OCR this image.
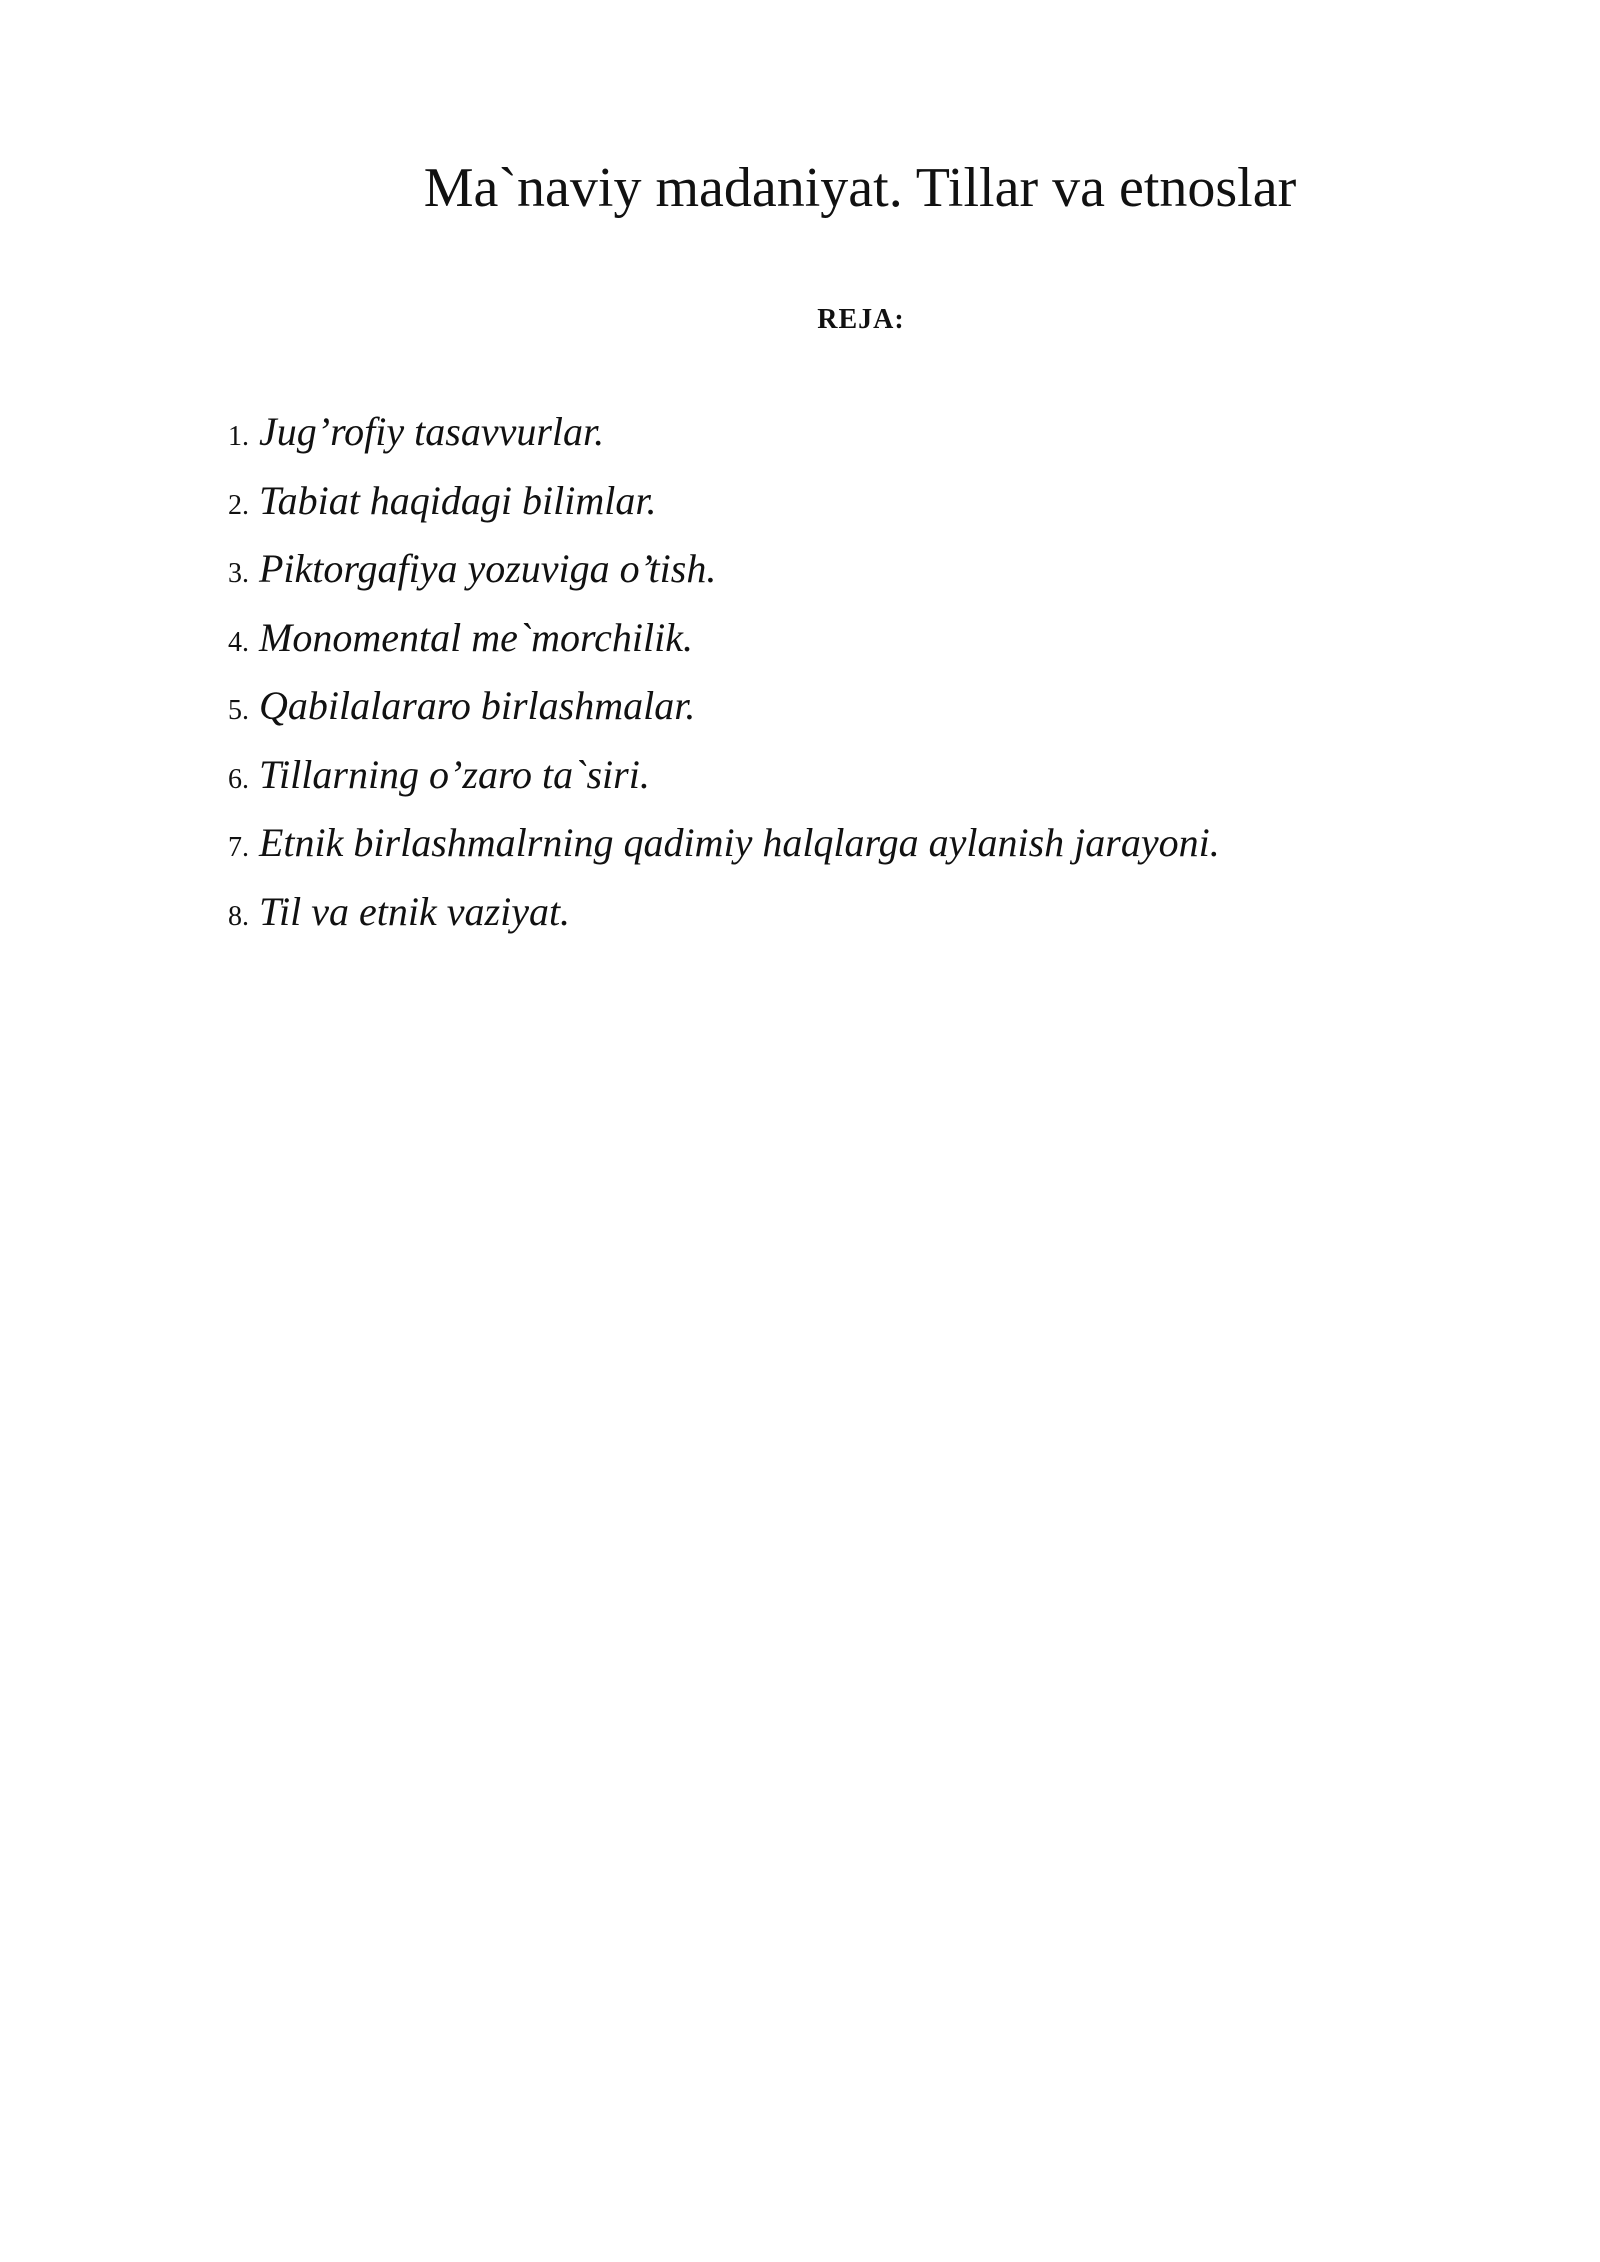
Ma`naviy madaniyat. Tillar va etnoslar
REJA:
1. Jug’rofiy tasavvurlar.
2. Tabiat haqidagi bilimlar.
3. Piktorgafiya yozuviga o’tish.
4. Monomental me`morchilik.
5. Qabilalararo birlashmalar.
6. Tillarning o’zaro ta`siri.
7. Etnik birlashmalrning qadimiy halqlarga aylanish jarayoni.
8. Til va etnik vaziyat.
